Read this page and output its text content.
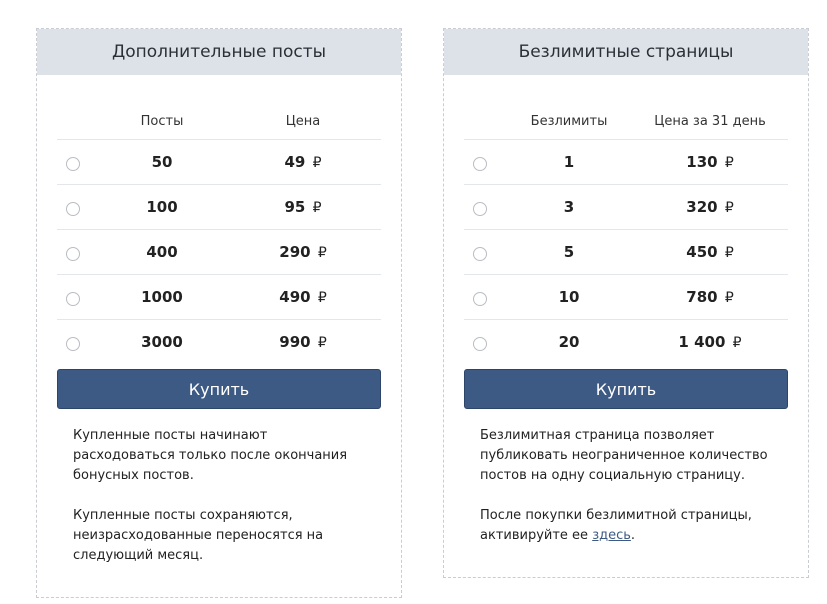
Дополнительные посты
	Посты	Цена
	50	49 ₽
	100	95 ₽
	400	290 ₽
	1000	490 ₽
	3000	990 ₽
Купить

Купленные посты начинают расходоваться только после окончания бонусных постов.

Купленные посты сохраняются, неизрасходованные переносятся на следующий месяц.

Безлимитные страницы
	Безлимиты	Цена за 31 день
	1	130 ₽
	3	320 ₽
	5	450 ₽
	10	780 ₽
	20	1 400 ₽
Купить

Безлимитная страница позволяет публиковать неограниченное количество постов на одну социальную страницу.

После покупки безлимитной страницы, активируйте ее здесь.
